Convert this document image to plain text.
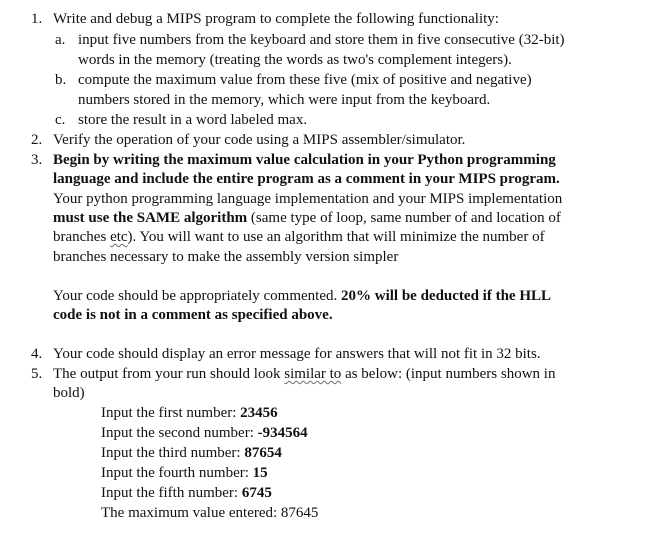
1. Write and debug a MIPS program to complete the following functionality:
a. input five numbers from the keyboard and store them in five consecutive (32-bit)
words in the memory (treating the words as two's complement integers).
b. compute the maximum value from these five (mix of positive and negative)
numbers stored in the memory, which were input from the keyboard.
c. store the result in a word labeled max.
2. Verify the operation of your code using a MIPS assembler/simulator.
3. Begin by writing the maximum value calculation in your Python programming
language and include the entire program as a comment in your MIPS program.
Your python programming language implementation and your MIPS implementation
must use the SAME algorithm (same type of loop, same number of and location of
branches etc). You will want to use an algorithm that will minimize the number of
branches necessary to make the assembly version simpler
Your code should be appropriately commented. 20% will be deducted if the HLL
code is not in a comment as specified above.
4. Your code should display an error message for answers that will not fit in 32 bits.
5. The output from your run should look similar to as below: (input numbers shown in
bold)
Input the first number: 23456
Input the second number: -934564
Input the third number: 87654
Input the fourth number: 15
Input the fifth number: 6745
The maximum value entered: 87645
